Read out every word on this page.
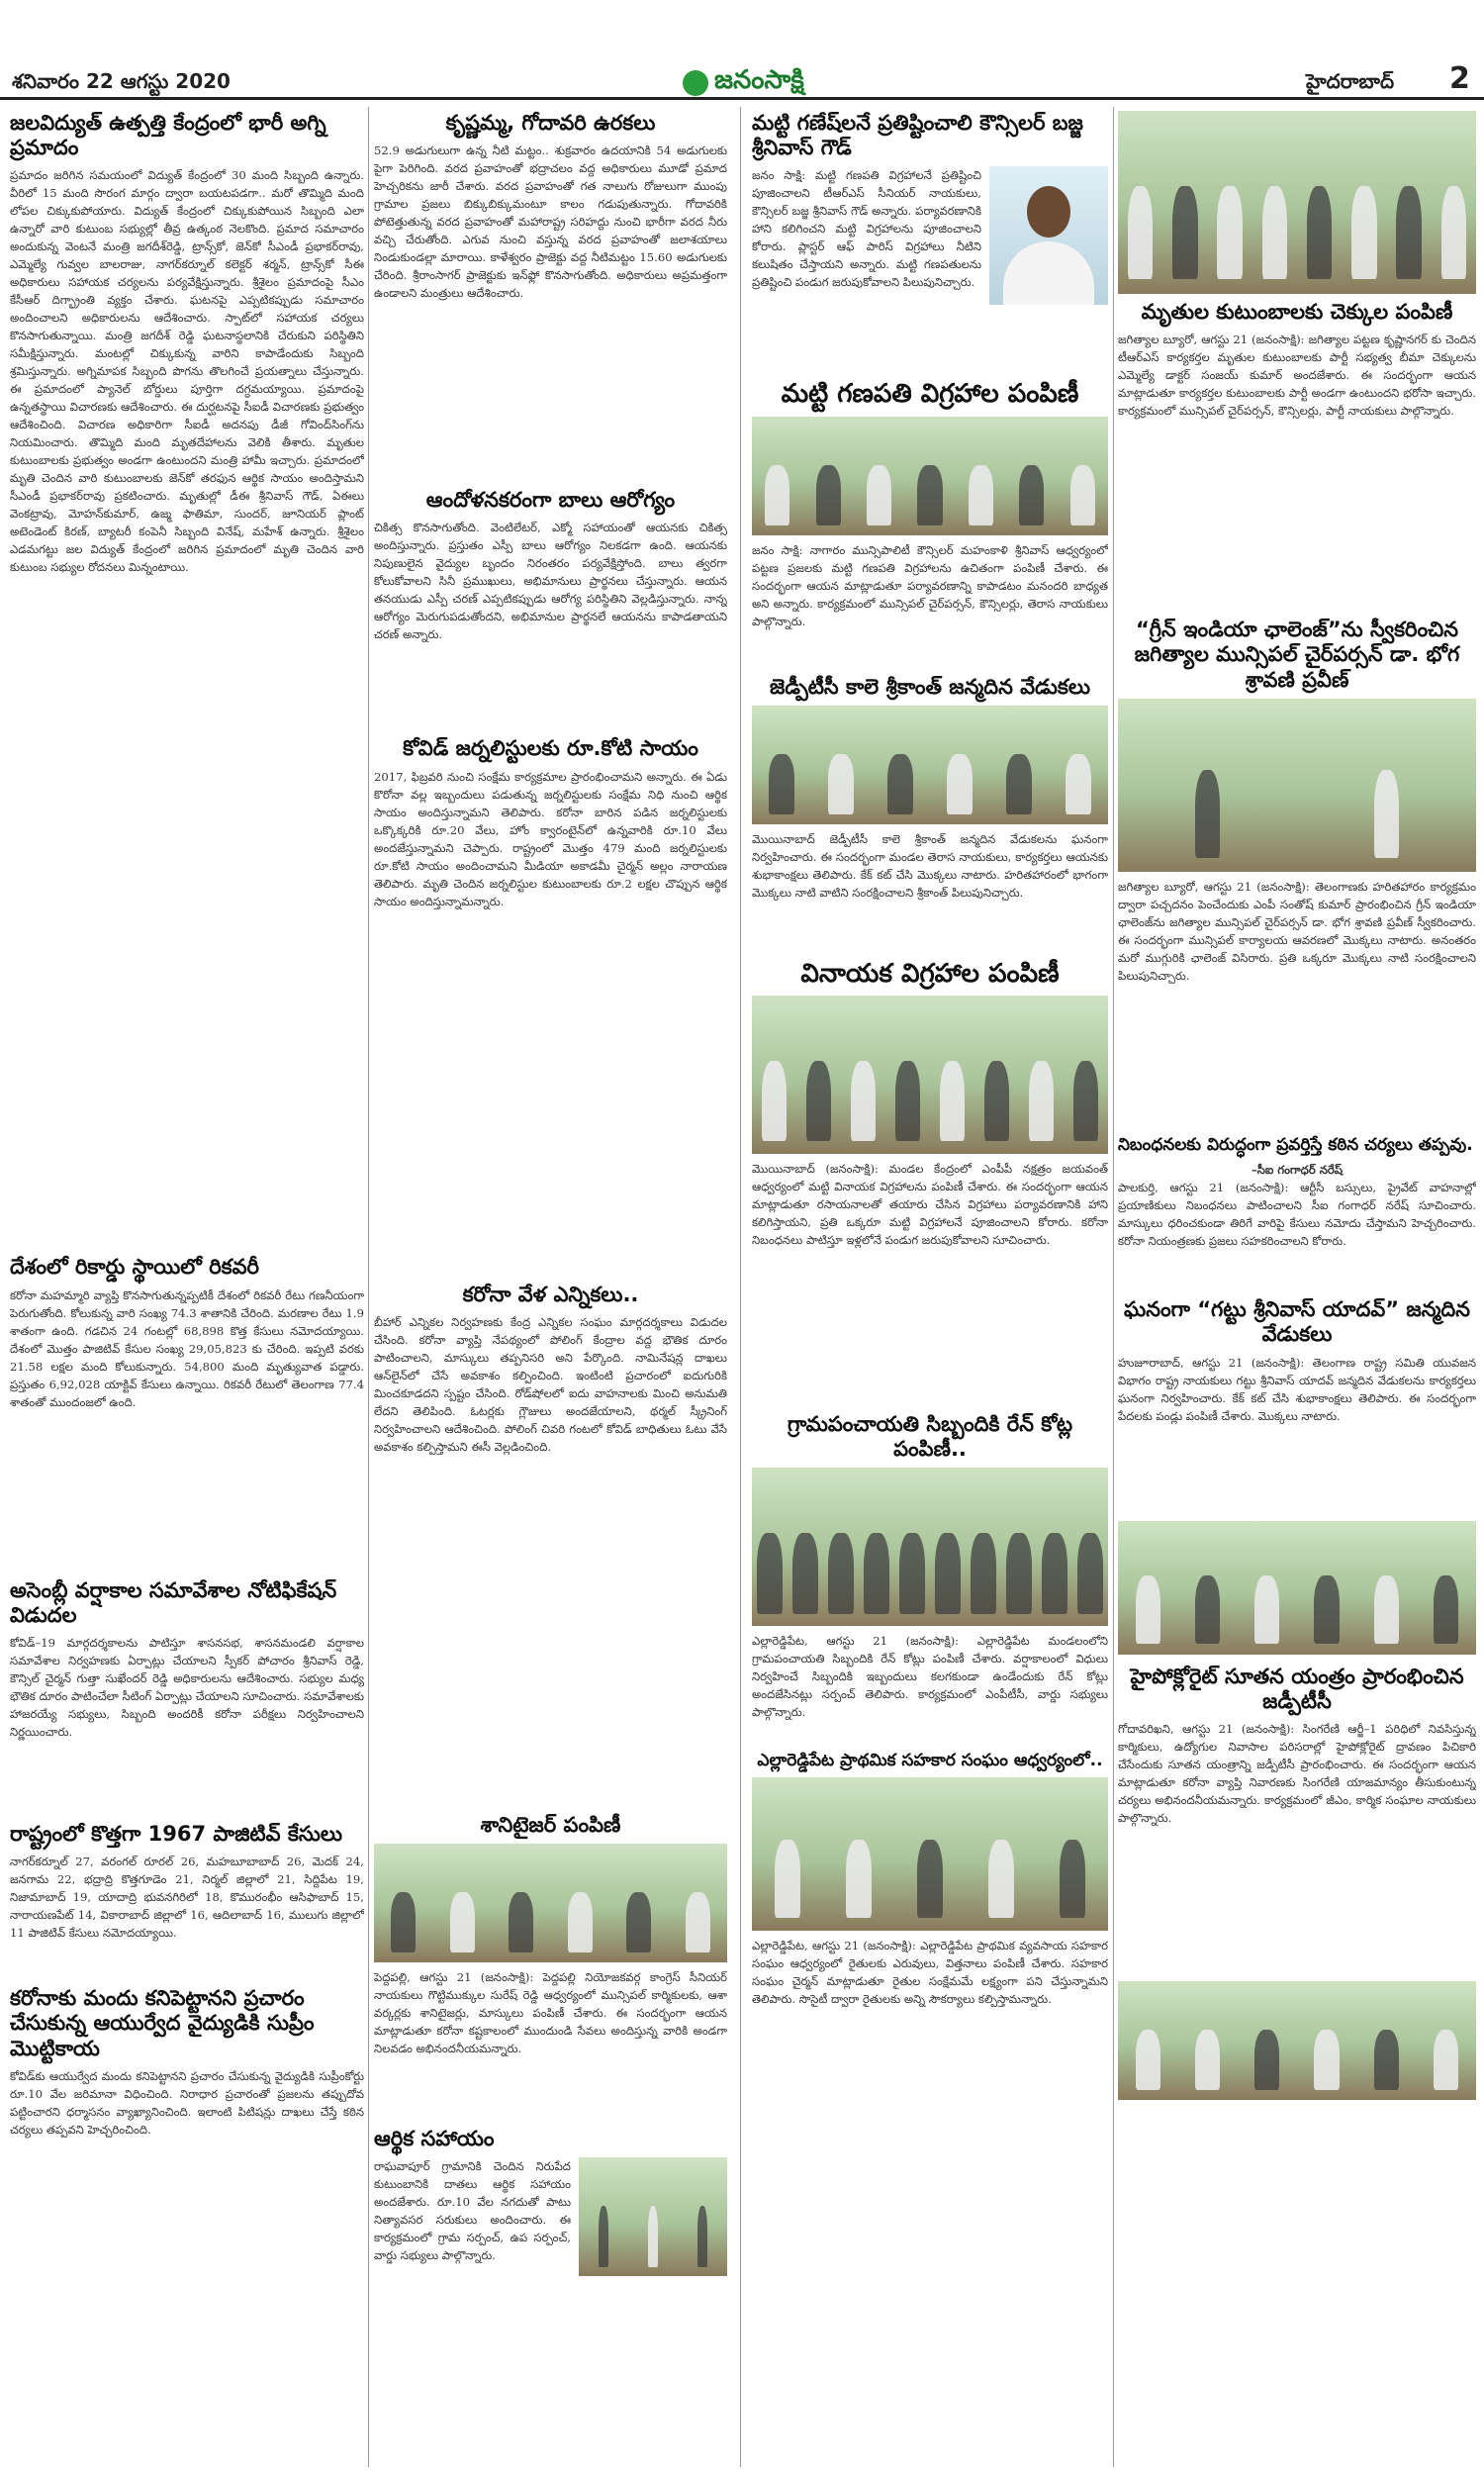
శనివారం 22 ఆగస్టు 2020	జనంసాక్షి	హైదరాబాద్ 2
జలవిద్యుత్‌ ఉత్పత్తి కేంద్రంలో భారీ అగ్ని ప్రమాదం

ప్రమాదం జరిగిన సమయంలో విద్యుత్‌ కేంద్రంలో 30 మంది సిబ్బంది ఉన్నారు. వీరిలో 15 మంది సొరంగ మార్గం ద్వారా బయటపడగా.. మరో తొమ్మిది మంది లోపల చిక్కుకుపోయారు. విద్యుత్‌ కేంద్రంలో చిక్కుకుపోయిన సిబ్బంది ఎలా ఉన్నారో వారి కుటుంబ సభ్యుల్లో తీవ్ర ఉత్కంఠ నెలకొంది. ప్రమాద సమాచారం అందుకున్న వెంటనే మంత్రి జగదీశ్‌రెడ్డి, ట్రాన్స్‌కో, జెన్‌కో సీఎండీ ప్రభాకర్‌రావు, ఎమ్మెల్యే గువ్వల బాలరాజు, నాగర్‌కర్నూల్‌ కలెక్టర్‌ శర్మన్‌, ట్రాన్స్‌కో సీఈ అధికారులు సహాయక చర్యలను పర్యవేక్షిస్తున్నారు. శ్రీశైలం ప్రమాదంపై సీఎం కేసీఆర్‌ దిగ్భ్రాంతి వ్యక్తం చేశారు. ఘటనపై ఎప్పటికప్పుడు సమాచారం అందించాలని అధికారులను ఆదేశించారు. స్పాట్‌లో సహాయక చర్యలు కొనసాగుతున్నాయి. మంత్రి జగదీశ్‌ రెడ్డి ఘటనాస్థలానికి చేరుకుని పరిస్థితిని సమీక్షిస్తున్నారు. మంటల్లో చిక్కుకున్న వారిని కాపాడేందుకు సిబ్బంది శ్రమిస్తున్నారు. అగ్నిమాపక సిబ్బంది పొగను తొలగించే ప్రయత్నాలు చేస్తున్నారు. ఈ ప్రమాదంలో ప్యానెల్‌ బోర్డులు పూర్తిగా దగ్ధమయ్యాయి. ప్రమాదంపై ఉన్నతస్థాయి విచారణకు ఆదేశించారు. ఈ దుర్ఘటనపై సీఐడీ విచారణకు ప్రభుత్వం ఆదేశించింది. విచారణ అధికారిగా సీఐడీ అదనపు డీజీ గోవింద్‌సింగ్‌ను నియమించారు. తొమ్మిది మంది మృతదేహాలను వెలికి తీశారు. మృతుల కుటుంబాలకు ప్రభుత్వం అండగా ఉంటుందని మంత్రి హామీ ఇచ్చారు. ప్రమాదంలో మృతి చెందిన వారి కుటుంబాలకు జెన్‌కో తరఫున ఆర్థిక సాయం అందిస్తామని సీఎండీ ప్రభాకర్‌రావు ప్రకటించారు. మృతుల్లో డీఈ శ్రీనివాస్‌ గౌడ్‌, ఏఈలు వెంకట్రావు, మోహన్‌కుమార్‌, ఉజ్మ ఫాతిమా, సుందర్‌, జూనియర్‌ ప్లాంట్‌ అటెండెంట్‌ కిరణ్‌, బ్యాటరీ కంపెనీ సిబ్బంది వినేష్‌, మహేశ్‌ ఉన్నారు. శ్రీశైలం ఎడమగట్టు జల విద్యుత్‌ కేంద్రంలో జరిగిన ప్రమాదంలో మృతి చెందిన వారి కుటుంబ సభ్యుల రోదనలు మిన్నంటాయి.

దేశంలో రికార్డు స్థాయిలో రికవరీ

కరోనా మహమ్మారి వ్యాప్తి కొనసాగుతున్నప్పటికీ దేశంలో రికవరీ రేటు గణనీయంగా పెరుగుతోంది. కోలుకున్న వారి సంఖ్య 74.3 శాతానికి చేరింది. మరణాల రేటు 1.9 శాతంగా ఉంది. గడచిన 24 గంటల్లో 68,898 కొత్త కేసులు నమోదయ్యాయి. దేశంలో మొత్తం పాజిటివ్‌ కేసుల సంఖ్య 29,05,823 కు చేరింది. ఇప్పటి వరకు 21.58 లక్షల మంది కోలుకున్నారు. 54,800 మంది మృత్యువాత పడ్డారు. ప్రస్తుతం 6,92,028 యాక్టివ్‌ కేసులు ఉన్నాయి. రికవరీ రేటులో తెలంగాణ 77.4 శాతంతో ముందంజలో ఉంది.

అసెంబ్లీ వర్షాకాల సమావేశాల నోటిఫికేషన్‌ విడుదల

కోవిడ్‌–19 మార్గదర్శకాలను పాటిస్తూ శాసనసభ, శాసనమండలి వర్షాకాల సమావేశాల నిర్వహణకు ఏర్పాట్లు చేయాలని స్పీకర్‌ పోచారం శ్రీనివాస్‌ రెడ్డి, కౌన్సిల్‌ చైర్మన్‌ గుత్తా సుఖేందర్‌ రెడ్డి అధికారులను ఆదేశించారు. సభ్యుల మధ్య భౌతిక దూరం పాటించేలా సీటింగ్‌ ఏర్పాట్లు చేయాలని సూచించారు. సమావేశాలకు హాజరయ్యే సభ్యులు, సిబ్బంది అందరికీ కరోనా పరీక్షలు నిర్వహించాలని నిర్ణయించారు.

రాష్ట్రంలో కొత్తగా 1967 పాజిటివ్‌ కేసులు

నాగర్‌కర్నూల్‌ 27, వరంగల్‌ రూరల్‌ 26, మహబూబాబాద్‌ 26, మెదక్‌ 24, జనగామ 22, భద్రాద్రి కొత్తగూడెం 21, నిర్మల్‌ జిల్లాలో 21, సిద్దిపేట 19, నిజామాబాద్‌ 19, యాదాద్రి భువనగిరిలో 18, కొమురంభీం ఆసిఫాబాద్‌ 15, నారాయణపేట్‌ 14, వికారాబాద్‌ జిల్లాలో 16, ఆదిలాబాద్‌ 16, ములుగు జిల్లాలో 11 పాజిటివ్‌ కేసులు నమోదయ్యాయి.

కరోనాకు మందు కనిపెట్టానని ప్రచారం చేసుకున్న ఆయుర్వేద వైద్యుడికి సుప్రీం మొట్టికాయ

కోవిడ్‌కు ఆయుర్వేద మందు కనిపెట్టానని ప్రచారం చేసుకున్న వైద్యుడికి సుప్రీంకోర్టు రూ.10 వేల జరిమానా విధించింది. నిరాధార ప్రచారంతో ప్రజలను తప్పుదోవ పట్టించారని ధర్మాసనం వ్యాఖ్యానించింది. ఇలాంటి పిటిషన్లు దాఖలు చేస్తే కఠిన చర్యలు తప్పవని హెచ్చరించింది.

కృష్ణమ్మ, గోదావరి ఉరకలు

52.9 అడుగులుగా ఉన్న నీటి మట్టం.. శుక్రవారం ఉదయానికి 54 అడుగులకు పైగా పెరిగింది. వరద ప్రవాహంతో భద్రాచలం వద్ద అధికారులు మూడో ప్రమాద హెచ్చరికను జారీ చేశారు. వరద ప్రవాహంతో గత నాలుగు రోజులుగా ముంపు గ్రామాల ప్రజలు బిక్కుబిక్కుమంటూ కాలం గడుపుతున్నారు. గోదావరికి పోటెత్తుతున్న వరద ప్రవాహంతో మహారాష్ట్ర సరిహద్దు నుంచి భారీగా వరద నీరు వచ్చి చేరుతోంది. ఎగువ నుంచి వస్తున్న వరద ప్రవాహంతో జలాశయాలు నిండుకుండల్లా మారాయి. కాళేశ్వరం ప్రాజెక్టు వద్ద నీటిమట్టం 15.60 అడుగులకు చేరింది. శ్రీరాంసాగర్‌ ప్రాజెక్టుకు ఇన్‌ఫ్లో కొనసాగుతోంది. అధికారులు అప్రమత్తంగా ఉండాలని మంత్రులు ఆదేశించారు.

ఆందోళనకరంగా బాలు ఆరోగ్యం

చికిత్స కొనసాగుతోంది. వెంటిలేటర్‌, ఎక్మో సహాయంతో ఆయనకు చికిత్స అందిస్తున్నారు. ప్రస్తుతం ఎస్పీ బాలు ఆరోగ్యం నిలకడగా ఉంది. ఆయనకు నిపుణులైన వైద్యుల బృందం నిరంతరం పర్యవేక్షిస్తోంది. బాలు త్వరగా కోలుకోవాలని సినీ ప్రముఖులు, అభిమానులు ప్రార్థనలు చేస్తున్నారు. ఆయన తనయుడు ఎస్పీ చరణ్‌ ఎప్పటికప్పుడు ఆరోగ్య పరిస్థితిని వెల్లడిస్తున్నారు. నాన్న ఆరోగ్యం మెరుగుపడుతోందని, అభిమానుల ప్రార్థనలే ఆయనను కాపాడతాయని చరణ్‌ అన్నారు.

కోవిడ్‌ జర్నలిస్టులకు రూ.కోటి సాయం

2017, ఫిబ్రవరి నుంచి సంక్షేమ కార్యక్రమాల ప్రారంభించామని అన్నారు. ఈ ఏడు కొరోనా వల్ల ఇబ్బందులు పడుతున్న జర్నలిస్టులకు సంక్షేమ నిధి నుంచి ఆర్థిక సాయం అందిస్తున్నామని తెలిపారు. కరోనా బారిన పడిన జర్నలిస్టులకు ఒక్కొక్కరికి రూ.20 వేలు, హోం క్వారంటైన్‌లో ఉన్నవారికి రూ.10 వేలు అందజేస్తున్నామని చెప్పారు. రాష్ట్రంలో మొత్తం 479 మంది జర్నలిస్టులకు రూ.కోటి సాయం అందించామని మీడియా అకాడమీ చైర్మన్‌ అల్లం నారాయణ తెలిపారు. మృతి చెందిన జర్నలిస్టుల కుటుంబాలకు రూ.2 లక్షల చొప్పున ఆర్థిక సాయం అందిస్తున్నామన్నారు.

కరోనా వేళ ఎన్నికలు..

బీహార్‌ ఎన్నికల నిర్వహణకు కేంద్ర ఎన్నికల సంఘం మార్గదర్శకాలు విడుదల చేసింది. కరోనా వ్యాప్తి నేపథ్యంలో పోలింగ్‌ కేంద్రాల వద్ద భౌతిక దూరం పాటించాలని, మాస్కులు తప్పనిసరి అని పేర్కొంది. నామినేషన్ల దాఖలు ఆన్‌లైన్‌లో చేసే అవకాశం కల్పించింది. ఇంటింటి ప్రచారంలో ఐదుగురికి మించకూడదని స్పష్టం చేసింది. రోడ్‌షోలలో ఐదు వాహనాలకు మించి అనుమతి లేదని తెలిపింది. ఓటర్లకు గ్లౌజులు అందజేయాలని, థర్మల్‌ స్క్రీనింగ్‌ నిర్వహించాలని ఆదేశించింది. పోలింగ్‌ చివరి గంటలో కోవిడ్‌ బాధితులు ఓటు వేసే అవకాశం కల్పిస్తామని ఈసీ వెల్లడించింది.

శానిటైజర్‌ పంపిణీ

పెద్దపల్లి, ఆగస్టు 21 (జనంసాక్షి): పెద్దపల్లి నియోజకవర్గ కాంగ్రెస్‌ సీనియర్‌ నాయకులు గొట్టిముక్కుల సురేష్‌ రెడ్డి ఆధ్వర్యంలో మున్సిపల్‌ కార్మికులకు, ఆశా వర్కర్లకు శానిటైజర్లు, మాస్కులు పంపిణీ చేశారు. ఈ సందర్భంగా ఆయన మాట్లాడుతూ కరోనా కష్టకాలంలో ముందుండి సేవలు అందిస్తున్న వారికి అండగా నిలవడం అభినందనీయమన్నారు.

ఆర్థిక సహాయం

రాఘవాపూర్‌ గ్రామానికి చెందిన నిరుపేద కుటుంబానికి దాతలు ఆర్థిక సహాయం అందజేశారు. రూ.10 వేల నగదుతో పాటు నిత్యావసర సరుకులు అందించారు. ఈ కార్యక్రమంలో గ్రామ సర్పంచ్‌, ఉప సర్పంచ్‌, వార్డు సభ్యులు పాల్గొన్నారు.

మట్టి గణేష్‌లనే ప్రతిష్టించాలి కౌన్సిలర్‌ బజ్జ శ్రీనివాస్‌ గౌడ్‌

జనం సాక్షి: మట్టి గణపతి విగ్రహాలనే ప్రతిష్టించి పూజించాలని టీఆర్‌ఎస్‌ సీనియర్‌ నాయకులు, కౌన్సిలర్‌ బజ్జ శ్రీనివాస్‌ గౌడ్‌ అన్నారు. పర్యావరణానికి హాని కలిగించని మట్టి విగ్రహాలను పూజించాలని కోరారు. ప్లాస్టర్‌ ఆఫ్‌ పారిస్‌ విగ్రహాలు నీటిని కలుషితం చేస్తాయని అన్నారు. మట్టి గణపతులను ప్రతిష్టించి పండుగ జరుపుకోవాలని పిలుపునిచ్చారు.

మట్టి గణపతి విగ్రహాల పంపిణీ

జనం సాక్షి: నాగారం మున్సిపాలిటీ కౌన్సిలర్‌ మహంకాళి శ్రీనివాస్‌ ఆధ్వర్యంలో పట్టణ ప్రజలకు మట్టి గణపతి విగ్రహాలను ఉచితంగా పంపిణీ చేశారు. ఈ సందర్భంగా ఆయన మాట్లాడుతూ పర్యావరణాన్ని కాపాడటం మనందరి బాధ్యత అని అన్నారు. కార్యక్రమంలో మున్సిపల్‌ చైర్‌పర్సన్‌, కౌన్సిలర్లు, తెరాస నాయకులు పాల్గొన్నారు.

జెడ్పీటీసీ కాలె శ్రీకాంత్‌ జన్మదిన వేడుకలు

మొయినాబాద్‌ జెడ్పీటీసీ కాలె శ్రీకాంత్‌ జన్మదిన వేడుకలను ఘనంగా నిర్వహించారు. ఈ సందర్భంగా మండల తెరాస నాయకులు, కార్యకర్తలు ఆయనకు శుభాకాంక్షలు తెలిపారు. కేక్‌ కట్‌ చేసి మొక్కలు నాటారు. హరితహారంలో భాగంగా మొక్కలు నాటి వాటిని సంరక్షించాలని శ్రీకాంత్‌ పిలుపునిచ్చారు.

వినాయక విగ్రహాల పంపిణీ

మొయినాబాద్‌ (జనంసాక్షి): మండల కేంద్రంలో ఎంపీపీ నక్షత్రం జయవంత్‌ ఆధ్వర్యంలో మట్టి వినాయక విగ్రహాలను పంపిణీ చేశారు. ఈ సందర్భంగా ఆయన మాట్లాడుతూ రసాయనాలతో తయారు చేసిన విగ్రహాలు పర్యావరణానికి హాని కలిగిస్తాయని, ప్రతి ఒక్కరూ మట్టి విగ్రహాలనే పూజించాలని కోరారు. కరోనా నిబంధనలు పాటిస్తూ ఇళ్లలోనే పండుగ జరుపుకోవాలని సూచించారు.

గ్రామపంచాయతి సిబ్బందికి రేన్‌ కోట్ల పంపిణీ..

ఎల్లారెడ్డిపేట, ఆగస్టు 21 (జనంసాక్షి): ఎల్లారెడ్డిపేట మండలంలోని గ్రామపంచాయతి సిబ్బందికి రేన్‌ కోట్లు పంపిణీ చేశారు. వర్షాకాలంలో విధులు నిర్వహించే సిబ్బందికి ఇబ్బందులు కలగకుండా ఉండేందుకు రేన్‌ కోట్లు అందజేసినట్లు సర్పంచ్‌ తెలిపారు. కార్యక్రమంలో ఎంపీటీసీ, వార్డు సభ్యులు పాల్గొన్నారు.

ఎల్లారెడ్డిపేట ప్రాథమిక సహకార సంఘం ఆధ్వర్యంలో..

ఎల్లారెడ్డిపేట, ఆగస్టు 21 (జనంసాక్షి): ఎల్లారెడ్డిపేట ప్రాథమిక వ్యవసాయ సహకార సంఘం ఆధ్వర్యంలో రైతులకు ఎరువులు, విత్తనాలు పంపిణీ చేశారు. సహకార సంఘం చైర్మన్‌ మాట్లాడుతూ రైతుల సంక్షేమమే లక్ష్యంగా పని చేస్తున్నామని తెలిపారు. సొసైటీ ద్వారా రైతులకు అన్ని సౌకర్యాలు కల్పిస్తామన్నారు.

మృతుల కుటుంబాలకు చెక్కుల పంపిణీ

జగిత్యాల బ్యూరో, ఆగస్టు 21 (జనంసాక్షి): జగిత్యాల పట్టణ కృష్ణానగర్‌ కు చెందిన టీఆర్‌ఎస్‌ కార్యకర్తల మృతుల కుటుంబాలకు పార్టీ సభ్యత్వ బీమా చెక్కులను ఎమ్మెల్యే డాక్టర్‌ సంజయ్‌ కుమార్‌ అందజేశారు. ఈ సందర్భంగా ఆయన మాట్లాడుతూ కార్యకర్తల కుటుంబాలకు పార్టీ అండగా ఉంటుందని భరోసా ఇచ్చారు. కార్యక్రమంలో మున్సిపల్‌ చైర్‌పర్సన్‌, కౌన్సిలర్లు, పార్టీ నాయకులు పాల్గొన్నారు.

“గ్రీన్‌ ఇండియా ఛాలెంజ్‌”ను స్వీకరించిన జగిత్యాల మున్సిపల్‌ చైర్‌పర్సన్‌ డా. భోగ శ్రావణి ప్రవీణ్‌

జగిత్యాల బ్యూరో, ఆగస్టు 21 (జనంసాక్షి): తెలంగాణకు హరితహారం కార్యక్రమం ద్వారా పచ్చదనం పెంచేందుకు ఎంపీ సంతోష్‌ కుమార్‌ ప్రారంభించిన గ్రీన్‌ ఇండియా ఛాలెంజ్‌ను జగిత్యాల మున్సిపల్‌ చైర్‌పర్సన్‌ డా. భోగ శ్రావణి ప్రవీణ్‌ స్వీకరించారు. ఈ సందర్భంగా మున్సిపల్‌ కార్యాలయ ఆవరణలో మొక్కలు నాటారు. అనంతరం మరో ముగ్గురికి ఛాలెంజ్‌ విసిరారు. ప్రతి ఒక్కరూ మొక్కలు నాటి సంరక్షించాలని పిలుపునిచ్చారు.

నిబంధనలకు విరుద్ధంగా ప్రవర్తిస్తే కఠిన చర్యలు తప్పవు.
–సీఐ గంగాధర్‌ నరేష్‌

పాలకుర్తి, ఆగస్టు 21 (జనంసాక్షి): ఆర్టీసీ బస్సులు, ప్రైవేట్‌ వాహనాల్లో ప్రయాణికులు నిబంధనలు పాటించాలని సీఐ గంగాధర్‌ నరేష్‌ సూచించారు. మాస్కులు ధరించకుండా తిరిగే వారిపై కేసులు నమోదు చేస్తామని హెచ్చరించారు. కరోనా నియంత్రణకు ప్రజలు సహకరించాలని కోరారు.

ఘనంగా “గట్టు శ్రీనివాస్‌ యాదవ్‌” జన్మదిన వేడుకలు

హుజూరాబాద్‌, ఆగస్టు 21 (జనంసాక్షి): తెలంగాణ రాష్ట్ర సమితి యువజన విభాగం రాష్ట్ర నాయకులు గట్టు శ్రీనివాస్‌ యాదవ్‌ జన్మదిన వేడుకలను కార్యకర్తలు ఘనంగా నిర్వహించారు. కేక్‌ కట్‌ చేసి శుభాకాంక్షలు తెలిపారు. ఈ సందర్భంగా పేదలకు పండ్లు పంపిణీ చేశారు. మొక్కలు నాటారు.

హైపోక్లోరైట్‌ సూతన యంత్రం ప్రారంభించిన జడ్పీటీసీ

గోదావరిఖని, ఆగస్టు 21 (జనంసాక్షి): సింగరేణి ఆర్జీ–1 పరిధిలో నివసిస్తున్న కార్మికులు, ఉద్యోగుల నివాసాల పరిసరాల్లో హైపోక్లోరైట్‌ ద్రావణం పిచికారి చేసేందుకు సూతన యంత్రాన్ని జడ్పీటీసీ ప్రారంభించారు. ఈ సందర్భంగా ఆయన మాట్లాడుతూ కరోనా వ్యాప్తి నివారణకు సింగరేణి యాజమాన్యం తీసుకుంటున్న చర్యలు అభినందనీయమన్నారు. కార్యక్రమంలో జీఎం, కార్మిక సంఘాల నాయకులు పాల్గొన్నారు.
